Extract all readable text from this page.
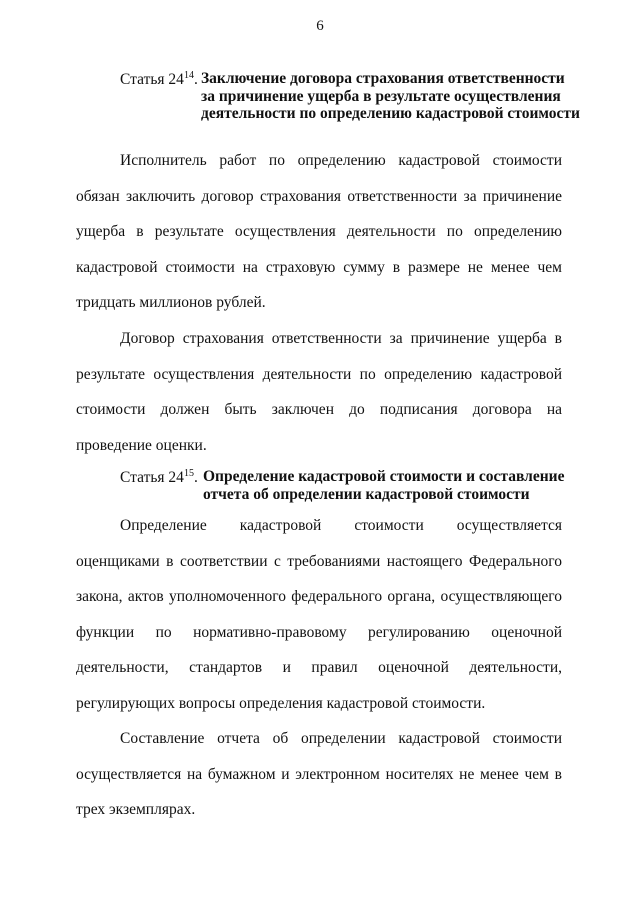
6
Статья $24^{14}$. Заключение договора страхования ответственности за причинение ущерба в результате осуществления деятельности по определению кадастровой стоимости

Исполнитель работ по определению кадастровой стоимости обязан заключить договор страхования ответственности за причинение ущерба в результате осуществления деятельности по определению кадастровой стоимости на страховую сумму в размере не менее чем тридцать миллионов рублей.

Договор страхования ответственности за причинение ущерба в результате осуществления деятельности по определению кадастровой стоимости должен быть заключен до подписания договора на проведение оценки.

Статья $24^{15}$. Определение кадастровой стоимости и составление отчета об определении кадастровой стоимости

Определение кадастровой стоимости осуществляется оценщиками в соответствии с требованиями настоящего Федерального закона, актов уполномоченного федерального органа, осуществляющего функции по нормативно-правовому регулированию оценочной деятельности, стандартов и правил оценочной деятельности, регулирующих вопросы определения кадастровой стоимости.

Составление отчета об определении кадастровой стоимости осуществляется на бумажном и электронном носителях не менее чем в трех экземплярах.
